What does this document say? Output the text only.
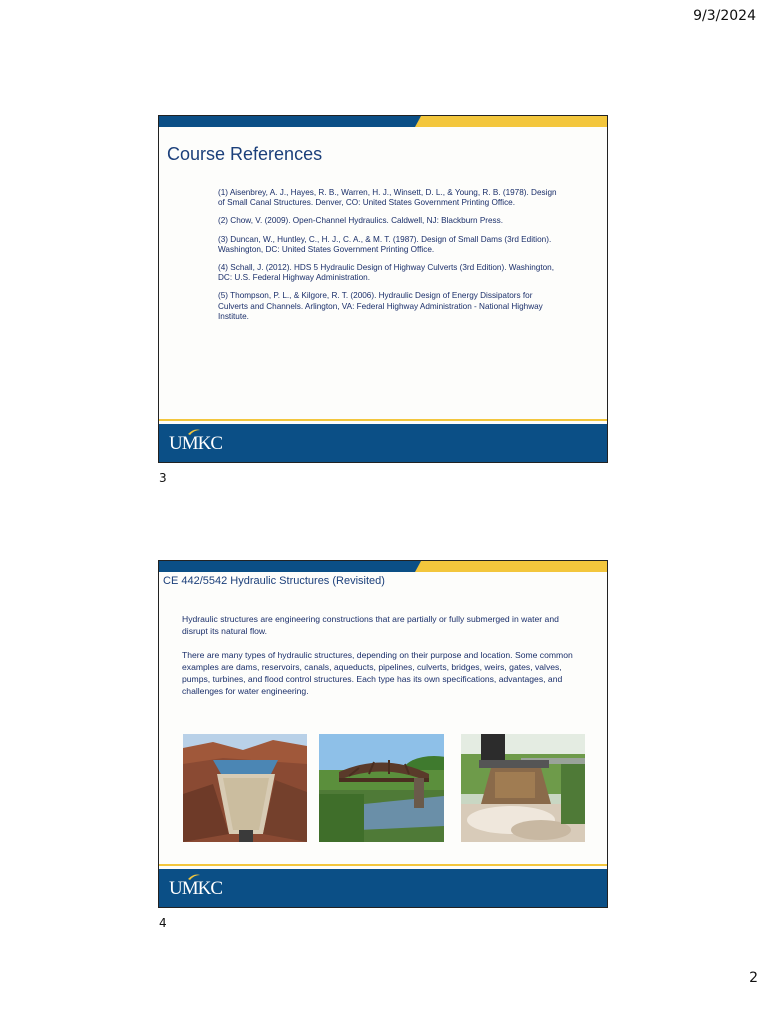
9/3/2024
Course References

(1) Aisenbrey, A. J., Hayes, R. B., Warren, H. J., Winsett, D. L., & Young, R. B. (1978). Design of Small Canal Structures. Denver, CO: United States Government Printing Office.

(2) Chow, V. (2009). Open-Channel Hydraulics. Caldwell, NJ: Blackburn Press.

(3) Duncan, W., Huntley, C., H. J., C. A., & M. T. (1987). Design of Small Dams (3rd Edition). Washington, DC: United States Government Printing Office.

(4) Schall, J. (2012). HDS 5 Hydraulic Design of Highway Culverts (3rd Edition). Washington, DC: U.S. Federal Highway Administration.

(5) Thompson, P. L., & Kilgore, R. T. (2006). Hydraulic Design of Energy Dissipators for Culverts and Channels. Arlington, VA: Federal Highway Administration - National Highway Institute.

UMKC
3
CE 442/5542 Hydraulic Structures (Revisited)

Hydraulic structures are engineering constructions that are partially or fully submerged in water and disrupt its natural flow.

There are many types of hydraulic structures, depending on their purpose and location. Some common examples are dams, reservoirs, canals, aqueducts, pipelines, culverts, bridges, weirs, gates, valves, pumps, turbines, and flood control structures. Each type has its own specifications, advantages, and challenges for water engineering.

UMKC
4
2
